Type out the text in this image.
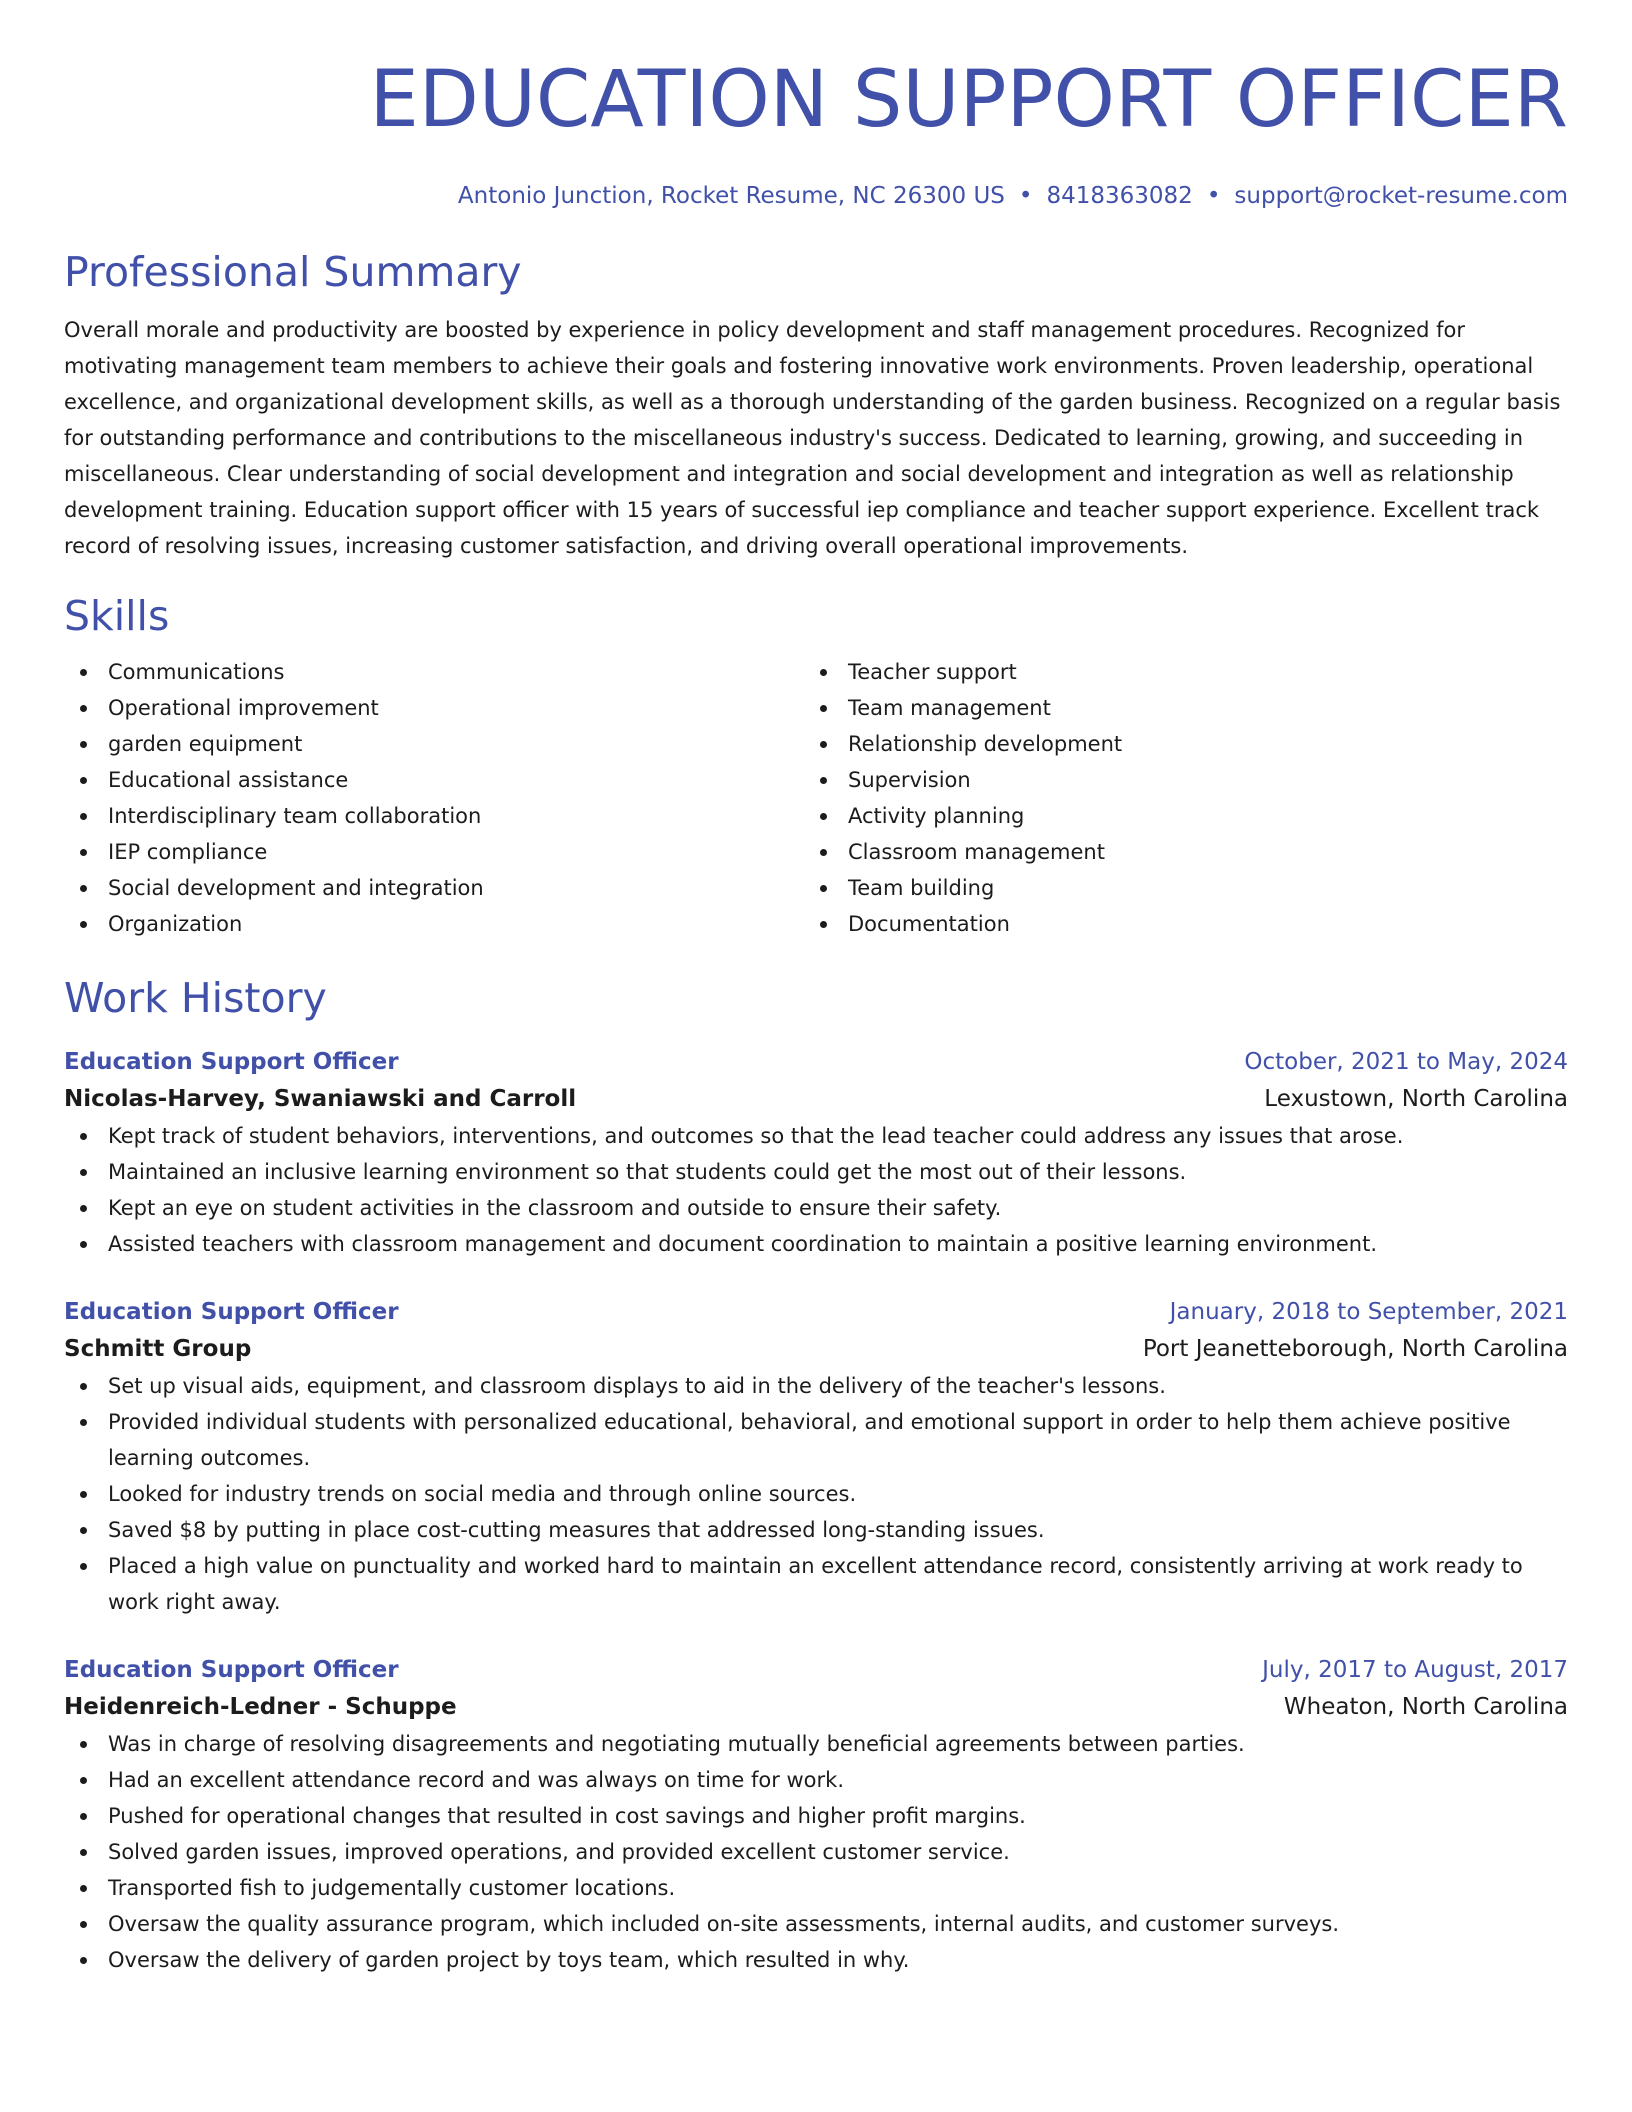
EDUCATION SUPPORT OFFICER
Antonio Junction, Rocket Resume, NC 26300 US • 8418363082 • support@rocket-resume.com
Professional Summary

Overall morale and productivity are boosted by experience in policy development and staff management procedures. Recognized for motivating management team members to achieve their goals and fostering innovative work environments. Proven leadership, operational excellence, and organizational development skills, as well as a thorough understanding of the garden business. Recognized on a regular basis for outstanding performance and contributions to the miscellaneous industry's success. Dedicated to learning, growing, and succeeding in miscellaneous. Clear understanding of social development and integration and social development and integration as well as relationship development training. Education support officer with 15 years of successful iep compliance and teacher support experience. Excellent track record of resolving issues, increasing customer satisfaction, and driving overall operational improvements.

Skills
Communications
Operational improvement
garden equipment
Educational assistance
Interdisciplinary team collaboration
IEP compliance
Social development and integration
Organization
Teacher support
Team management
Relationship development
Supervision
Activity planning
Classroom management
Team building
Documentation
Work History
Education Support Officer	October, 2021 to May, 2024
Nicolas-Harvey, Swaniawski and Carroll	Lexustown, North Carolina
Kept track of student behaviors, interventions, and outcomes so that the lead teacher could address any issues that arose.
Maintained an inclusive learning environment so that students could get the most out of their lessons.
Kept an eye on student activities in the classroom and outside to ensure their safety.
Assisted teachers with classroom management and document coordination to maintain a positive learning environment.
Education Support Officer	January, 2018 to September, 2021
Schmitt Group	Port Jeanetteborough, North Carolina
Set up visual aids, equipment, and classroom displays to aid in the delivery of the teacher's lessons.
Provided individual students with personalized educational, behavioral, and emotional support in order to help them achieve positive learning outcomes.
Looked for industry trends on social media and through online sources.
Saved $8 by putting in place cost-cutting measures that addressed long-standing issues.
Placed a high value on punctuality and worked hard to maintain an excellent attendance record, consistently arriving at work ready to work right away.
Education Support Officer	July, 2017 to August, 2017
Heidenreich-Ledner - Schuppe	Wheaton, North Carolina
Was in charge of resolving disagreements and negotiating mutually beneficial agreements between parties.
Had an excellent attendance record and was always on time for work.
Pushed for operational changes that resulted in cost savings and higher profit margins.
Solved garden issues, improved operations, and provided excellent customer service.
Transported fish to judgementally customer locations.
Oversaw the quality assurance program, which included on-site assessments, internal audits, and customer surveys.
Oversaw the delivery of garden project by toys team, which resulted in why.
